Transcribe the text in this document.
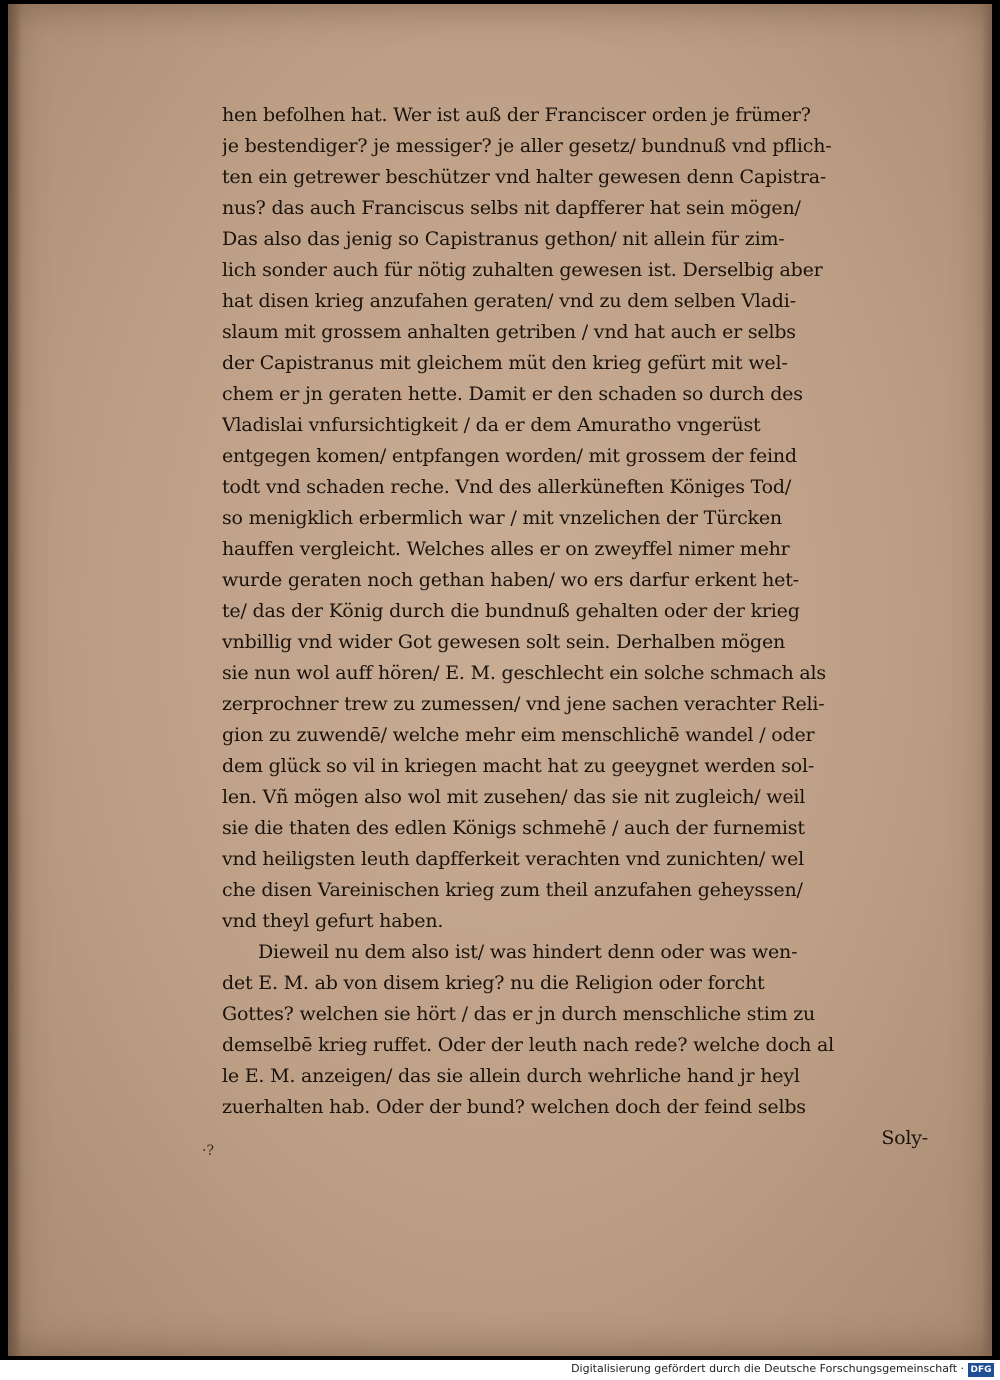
hen befolhen hat. Wer ist auß der Franciscer orden je frümer?
je bestendiger? je messiger? je aller gesetz/ bundnuß vnd pflich-
ten ein getrewer beschützer vnd halter gewesen denn Capistra-
nus? das auch Franciscus selbs nit dapfferer hat sein mögen/
Das also das jenig so Capistranus gethon/ nit allein für zim-
lich sonder auch für nötig zuhalten gewesen ist. Derselbig aber
hat disen krieg anzufahen geraten/ vnd zu dem selben Vladi-
slaum mit grossem anhalten getriben / vnd hat auch er selbs
der Capistranus mit gleichem müt den krieg gefürt mit wel-
chem er jn geraten hette. Damit er den schaden so durch des
Vladislai vnfursichtigkeit / da er dem Amuratho vngerüst
entgegen komen/ entpfangen worden/ mit grossem der feind
todt vnd schaden reche. Vnd des allerküneften Königes Tod/
so menigklich erbermlich war / mit vnzelichen der Türcken
hauffen vergleicht. Welches alles er on zweyffel nimer mehr
wurde geraten noch gethan haben/ wo ers darfur erkent het-
te/ das der König durch die bundnuß gehalten oder der krieg
vnbillig vnd wider Got gewesen solt sein. Derhalben mögen
sie nun wol auff hören/ E. M. geschlecht ein solche schmach als
zerprochner trew zu zumessen/ vnd jene sachen verachter Reli-
gion zu zuwendē/ welche mehr eim menschlichē wandel / oder
dem glück so vil in kriegen macht hat zu geeygnet werden sol-
len. Vñ mögen also wol mit zusehen/ das sie nit zugleich/ weil
sie die thaten des edlen Königs schmehē / auch der furnemist
vnd heiligsten leuth dapfferkeit verachten vnd zunichten/ wel
che disen Vareinischen krieg zum theil anzufahen geheyssen/
vnd theyl gefurt haben.
Dieweil nu dem also ist/ was hindert denn oder was wen-
det E. M. ab von disem krieg? nu die Religion oder forcht
Gottes? welchen sie hört / das er jn durch menschliche stim zu
demselbē krieg ruffet. Oder der leuth nach rede? welche doch al
le E. M. anzeigen/ das sie allein durch wehrliche hand jr heyl
zuerhalten hab. Oder der bund? welchen doch der feind selbs
Soly-
·?
Digitalisierung gefördert durch die Deutsche Forschungsgemeinschaft · DFG
